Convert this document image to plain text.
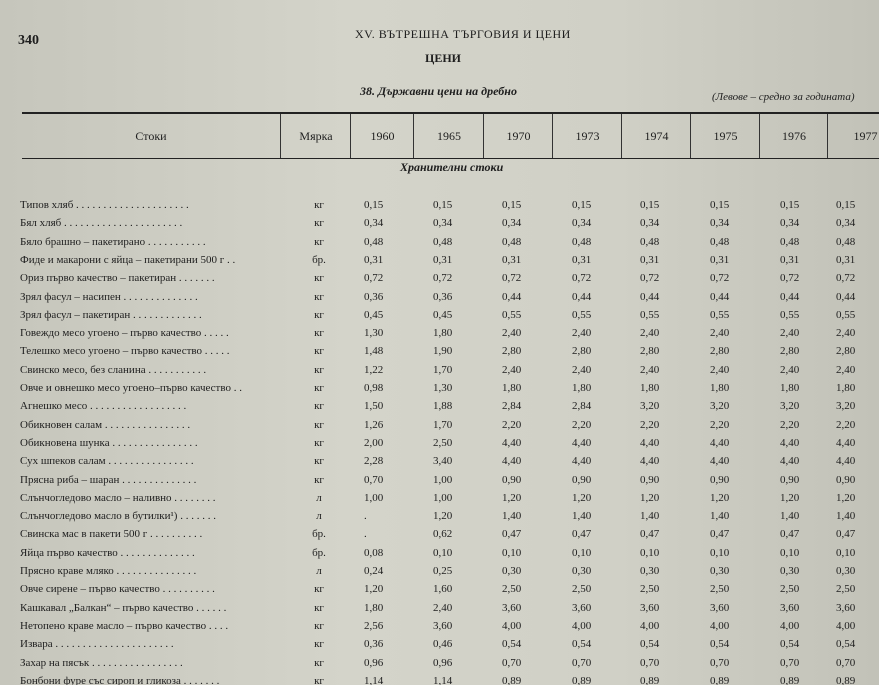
340	XV. ВЪТРЕШНА ТЪРГОВИЯ И ЦЕНИ
ЦЕНИ
38. Държавни цени на дребно	(Левове – средно за годината)
Стоки	Мярка	1960	1965	1970	1973	1974	1975	1976	1977
Хранителни стоки
Типов хляб . . . . . . . . . . . . . . . . . . . . .	кг	0,15	0,15	0,15	0,15	0,15	0,15	0,15	0,15
Бял хляб . . . . . . . . . . . . . . . . . . . . . .	кг	0,34	0,34	0,34	0,34	0,34	0,34	0,34	0,34
Бяло брашно – пакетирано . . . . . . . . . . .	кг	0,48	0,48	0,48	0,48	0,48	0,48	0,48	0,48
Фиде и макарони с яйца – пакетирани 500 г . .	бр.	0,31	0,31	0,31	0,31	0,31	0,31	0,31	0,31
Ориз първо качество – пакетиран . . . . . . .	кг	0,72	0,72	0,72	0,72	0,72	0,72	0,72	0,72
Зрял фасул – насипен . . . . . . . . . . . . . .	кг	0,36	0,36	0,44	0,44	0,44	0,44	0,44	0,44
Зрял фасул – пакетиран . . . . . . . . . . . . .	кг	0,45	0,45	0,55	0,55	0,55	0,55	0,55	0,55
Говеждо месо угоено – първо качество . . . . .	кг	1,30	1,80	2,40	2,40	2,40	2,40	2,40	2,40
Телешко месо угоено – първо качество . . . . .	кг	1,48	1,90	2,80	2,80	2,80	2,80	2,80	2,80
Свинско месо, без сланина . . . . . . . . . . .	кг	1,22	1,70	2,40	2,40	2,40	2,40	2,40	2,40
Овче и овнешко месо угоено–първо качество . .	кг	0,98	1,30	1,80	1,80	1,80	1,80	1,80	1,80
Агнешко месо . . . . . . . . . . . . . . . . . .	кг	1,50	1,88	2,84	2,84	3,20	3,20	3,20	3,20
Обикновен салам . . . . . . . . . . . . . . . .	кг	1,26	1,70	2,20	2,20	2,20	2,20	2,20	2,20
Обикновена шунка . . . . . . . . . . . . . . . .	кг	2,00	2,50	4,40	4,40	4,40	4,40	4,40	4,40
Сух шпеков салам . . . . . . . . . . . . . . . .	кг	2,28	3,40	4,40	4,40	4,40	4,40	4,40	4,40
Прясна риба – шаран . . . . . . . . . . . . . .	кг	0,70	1,00	0,90	0,90	0,90	0,90	0,90	0,90
Слънчогледово масло – наливно . . . . . . . .	л	1,00	1,00	1,20	1,20	1,20	1,20	1,20	1,20
Слънчогледово масло в бутилки¹) . . . . . . .	л	.	1,20	1,40	1,40	1,40	1,40	1,40	1,40
Свинска мас в пакети 500 г . . . . . . . . . .	бр.	.	0,62	0,47	0,47	0,47	0,47	0,47	0,47
Яйца първо качество . . . . . . . . . . . . . .	бр.	0,08	0,10	0,10	0,10	0,10	0,10	0,10	0,10
Прясно краве мляко . . . . . . . . . . . . . . .	л	0,24	0,25	0,30	0,30	0,30	0,30	0,30	0,30
Овче сирене – първо качество . . . . . . . . . .	кг	1,20	1,60	2,50	2,50	2,50	2,50	2,50	2,50
Кашкавал „Балкан“ – първо качество . . . . . .	кг	1,80	2,40	3,60	3,60	3,60	3,60	3,60	3,60
Нетопено краве масло – първо качество . . . .	кг	2,56	3,60	4,00	4,00	4,00	4,00	4,00	4,00
Извара . . . . . . . . . . . . . . . . . . . . . .	кг	0,36	0,46	0,54	0,54	0,54	0,54	0,54	0,54
Захар на пясък . . . . . . . . . . . . . . . . .	кг	0,96	0,96	0,70	0,70	0,70	0,70	0,70	0,70
Бонбони фуре със сироп и гликоза . . . . . . .	кг	1,14	1,14	0,89	0,89	0,89	0,89	0,89	0,89
